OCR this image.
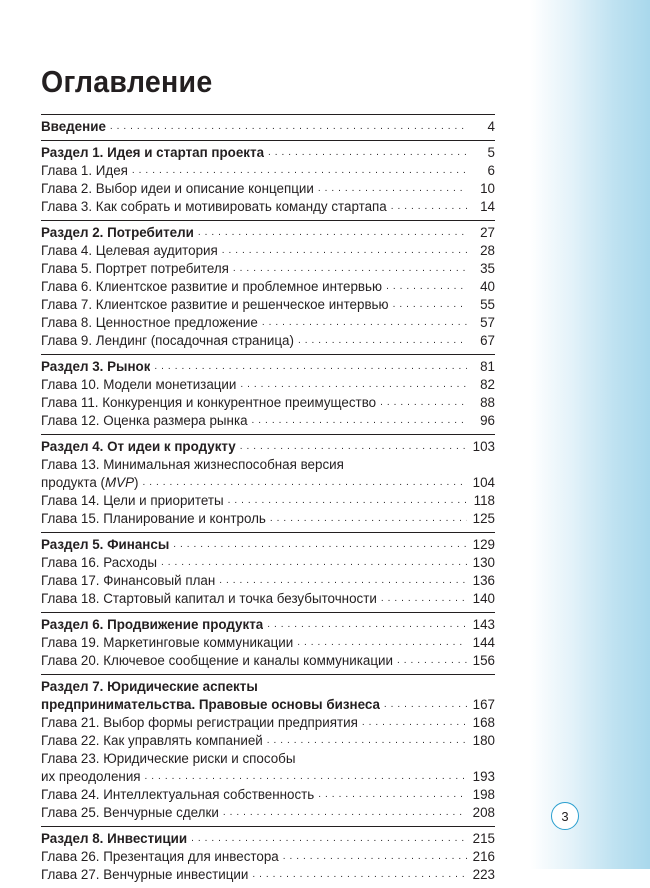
Оглавление
Введение . . .	4
Раздел 1. Идея и стартап проекта . . .	5
Глава 1. Идея . . .	6
Глава 2. Выбор идеи и описание концепции . . .	10
Глава 3. Как собрать и мотивировать команду стартапа . . .	14
Раздел 2. Потребители . . .	27
Глава 4. Целевая аудитория . . .	28
Глава 5. Портрет потребителя . . .	35
Глава 6. Клиентское развитие и проблемное интервью . . .	40
Глава 7. Клиентское развитие и решенческое интервью . . .	55
Глава 8. Ценностное предложение . . .	57
Глава 9. Лендинг (посадочная страница) . . .	67
Раздел 3. Рынок . . .	81
Глава 10. Модели монетизации . . .	82
Глава 11. Конкуренция и конкурентное преимущество . . .	88
Глава 12. Оценка размера рынка . . .	96
Раздел 4. От идеи к продукту . . .	103
Глава 13. Минимальная жизнеспособная версия
продукта (MVP) . . .	104
Глава 14. Цели и приоритеты . . .	118
Глава 15. Планирование и контроль . . .	125
Раздел 5. Финансы . . .	129
Глава 16. Расходы . . .	130
Глава 17. Финансовый план . . .	136
Глава 18. Стартовый капитал и точка безубыточности . . .	140
Раздел 6. Продвижение продукта . . .	143
Глава 19. Маркетинговые коммуникации . . .	144
Глава 20. Ключевое сообщение и каналы коммуникации . . .	156
Раздел 7. Юридические аспекты
предпринимательства. Правовые основы бизнеса . . .	167
Глава 21. Выбор формы регистрации предприятия . . .	168
Глава 22. Как управлять компанией . . .	180
Глава 23. Юридические риски и способы
их преодоления . . .	193
Глава 24. Интеллектуальная собственность . . .	198
Глава 25. Венчурные сделки . . .	208
Раздел 8. Инвестиции . . .	215
Глава 26. Презентация для инвестора . . .	216
Глава 27. Венчурные инвестиции . . .	223
3
